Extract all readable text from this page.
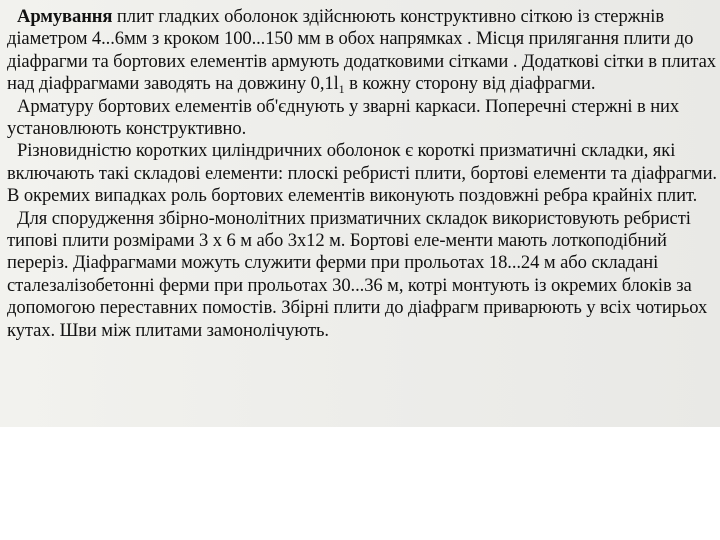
Армування плит гладких оболонок здійснюють конструктивно сіткою із стержнів діаметром 4...6мм з кроком 100...150 мм в обох напрямках . Місця прилягання плити до діафрагми та бортових елементів армують додатковими сітками . Додаткові сітки в плитах над діафрагмами заводять на довжину $0,1l_1$ в кожну сторону від діафрагми.

Арматуру бортових елементів об'єднують у зварні каркаси. Поперечні стержні в них установлюють конструктивно.

Різновидністю коротких циліндричних оболонок є короткі призматичні складки, які включають такі складові елементи: плоскі ребристі плити, бортові елементи та діафрагми. В окремих випадках роль бортових елементів виконують поздовжні ребра крайніх плит.

Для спорудження збірно-монолітних призматичних складок використовують ребристі типові плити розмірами 3 х 6 м або 3х12 м. Бортові еле-менти мають лоткоподібний переріз. Діафрагмами можуть служити ферми при прольотах 18...24 м або складані сталезалізобетонні ферми при прольотах 30...36 м, котрі монтують із окремих блоків за допомогою переставних помостів. Збірні плити до діафрагм приварюють у всіх чотирьох кутах. Шви між плитами замонолічують.
